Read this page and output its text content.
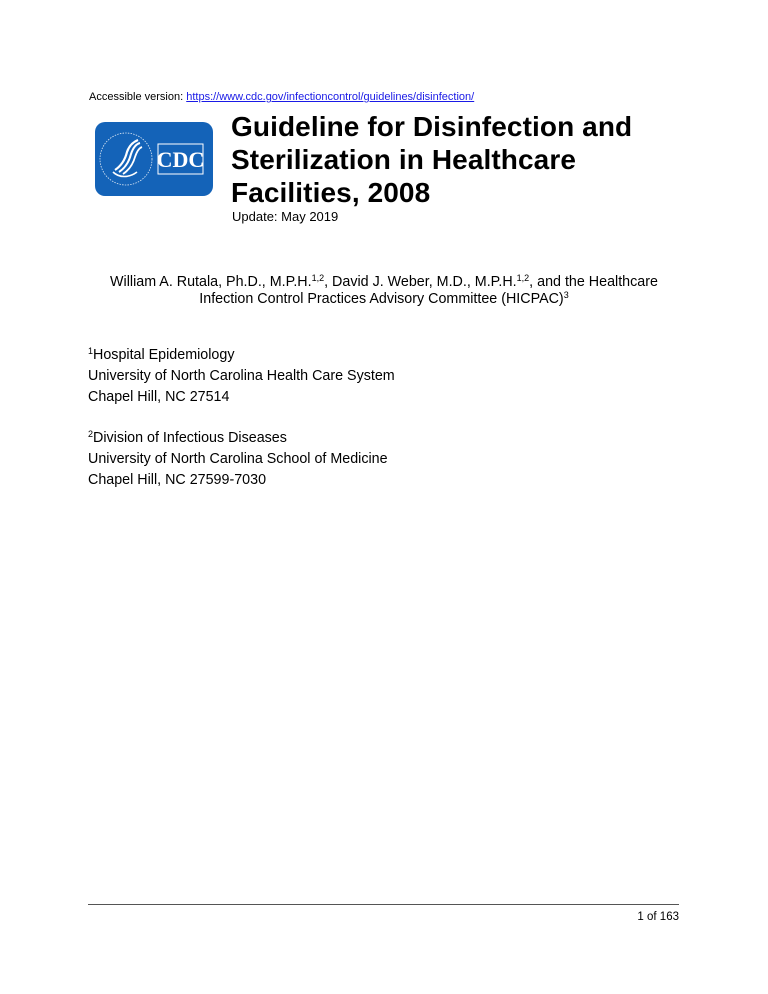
Accessible version: https://www.cdc.gov/infectioncontrol/guidelines/disinfection/
CDC
Guideline for Disinfection and
Sterilization in Healthcare
Facilities, 2008
Update: May 2019
William A. Rutala, Ph.D., M.P.H.$^{1,2}$, David J. Weber, M.D., M.P.H.$^{1,2}$, and the Healthcare
Infection Control Practices Advisory Committee (HICPAC)$^3$
$^1$Hospital Epidemiology
University of North Carolina Health Care System
Chapel Hill, NC 27514
$^2$Division of Infectious Diseases
University of North Carolina School of Medicine
Chapel Hill, NC 27599-7030
1 of 163
